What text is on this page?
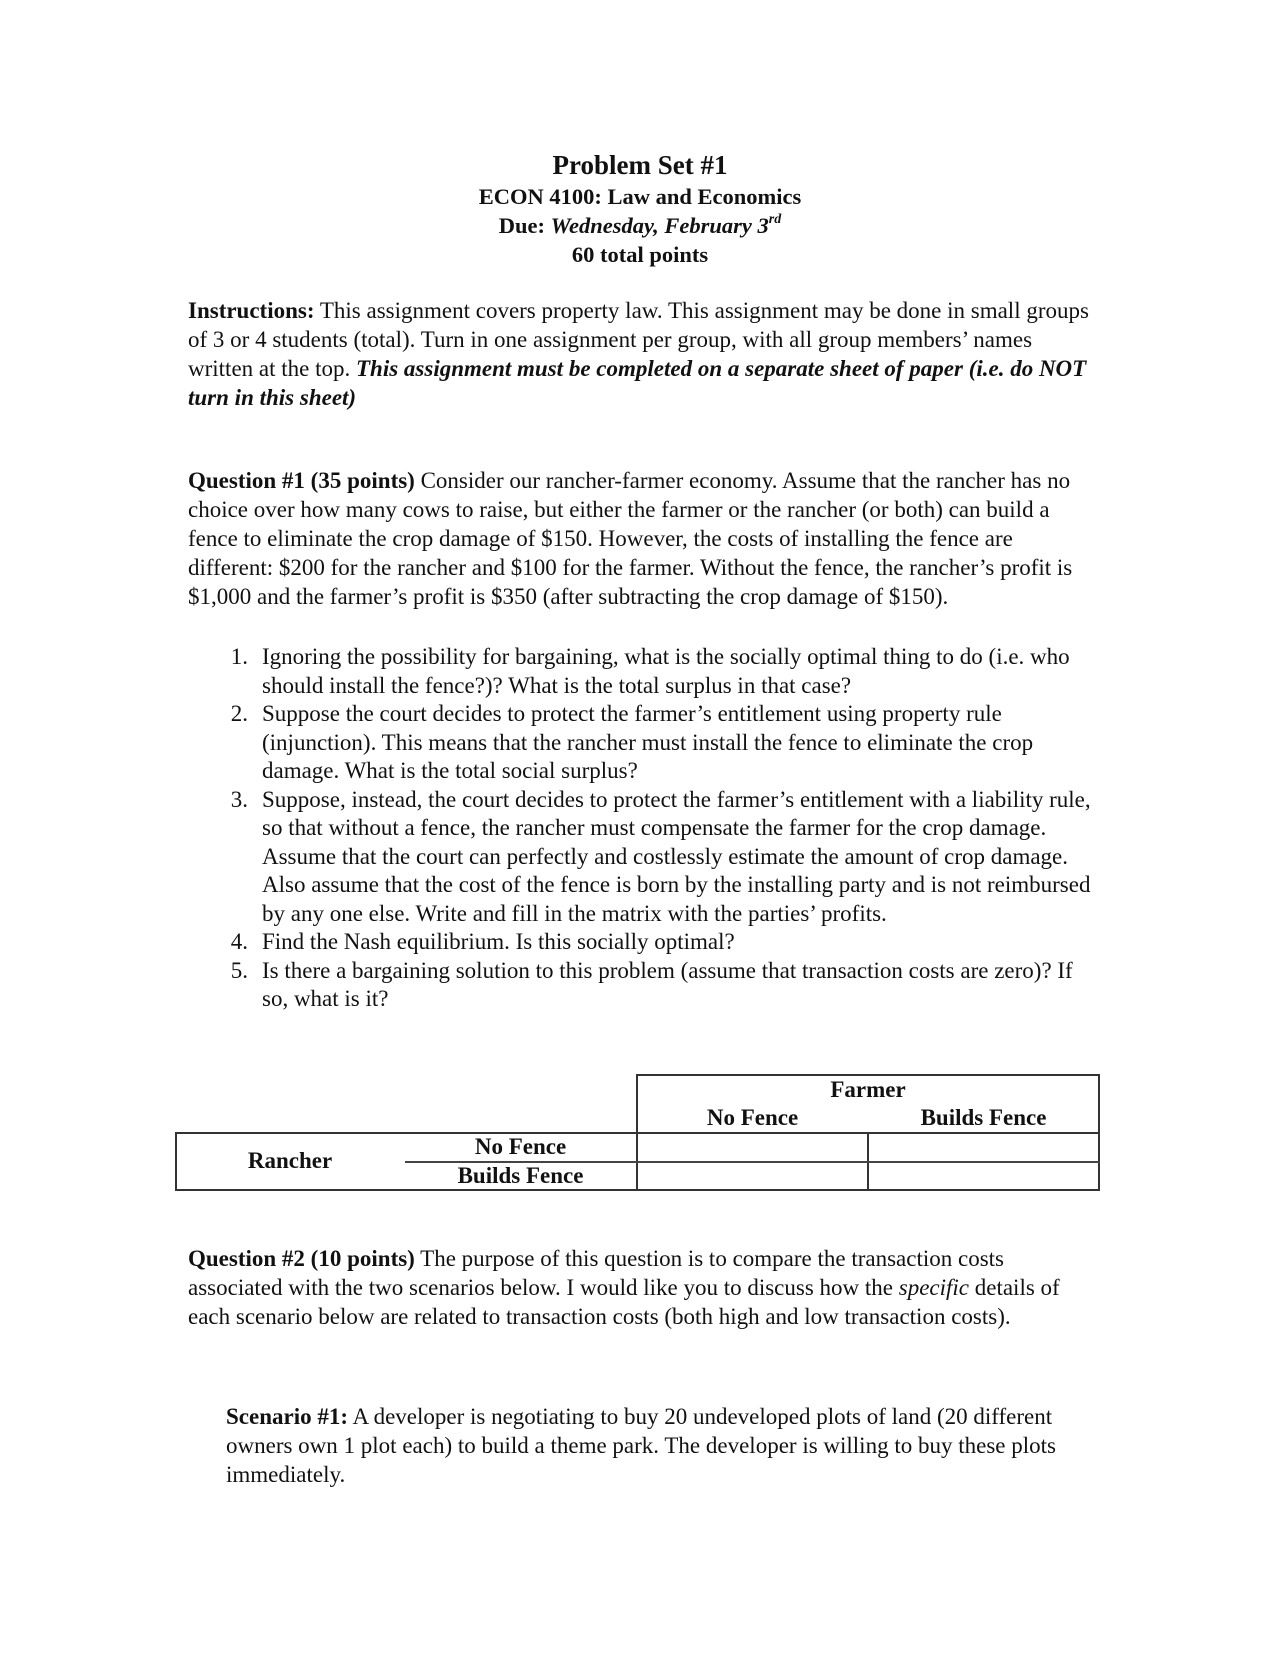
Problem Set #1
ECON 4100: Law and Economics
Due: Wednesday, February 3rd
60 total points
Instructions: This assignment covers property law. This assignment may be done in small groups of 3 or 4 students (total). Turn in one assignment per group, with all group members’ names written at the top. This assignment must be completed on a separate sheet of paper (i.e. do NOT turn in this sheet)
Question #1 (35 points) Consider our rancher-farmer economy. Assume that the rancher has no choice over how many cows to raise, but either the farmer or the rancher (or both) can build a fence to eliminate the crop damage of $150. However, the costs of installing the fence are different: $200 for the rancher and $100 for the farmer. Without the fence, the rancher’s profit is $1,000 and the farmer’s profit is $350 (after subtracting the crop damage of $150).
1. Ignoring the possibility for bargaining, what is the socially optimal thing to do (i.e. who should install the fence?)? What is the total surplus in that case?
2. Suppose the court decides to protect the farmer’s entitlement using property rule (injunction). This means that the rancher must install the fence to eliminate the crop damage. What is the total social surplus?
3. Suppose, instead, the court decides to protect the farmer’s entitlement with a liability rule, so that without a fence, the rancher must compensate the farmer for the crop damage. Assume that the court can perfectly and costlessly estimate the amount of crop damage. Also assume that the cost of the fence is born by the installing party and is not reimbursed by any one else. Write and fill in the matrix with the parties’ profits.
4. Find the Nash equilibrium. Is this socially optimal?
5. Is there a bargaining solution to this problem (assume that transaction costs are zero)? If so, what is it?
Farmer
No Fence	Builds Fence
Rancher
No Fence
Builds Fence
Question #2 (10 points) The purpose of this question is to compare the transaction costs associated with the two scenarios below. I would like you to discuss how the specific details of each scenario below are related to transaction costs (both high and low transaction costs).
Scenario #1: A developer is negotiating to buy 20 undeveloped plots of land (20 different owners own 1 plot each) to build a theme park. The developer is willing to buy these plots immediately.
